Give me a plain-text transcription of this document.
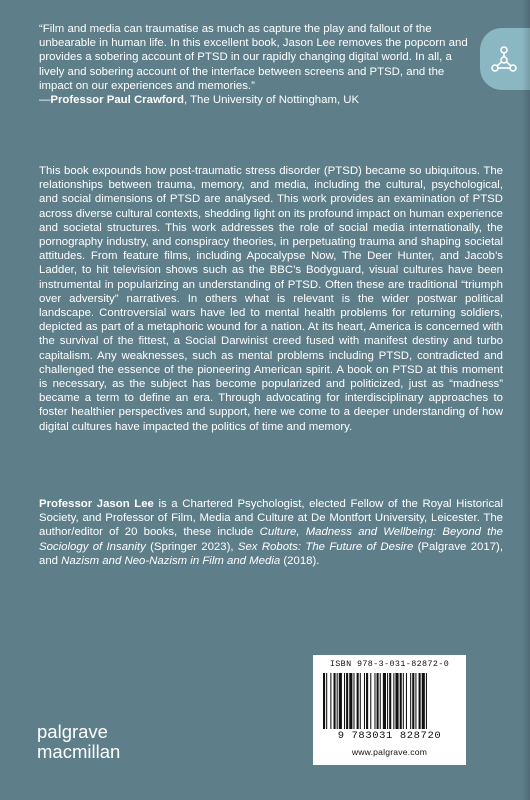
“Film and media can traumatise as much as capture the play and fallout of the unbearable in human life. In this excellent book, Jason Lee removes the popcorn and provides a sobering account of PTSD in our rapidly changing digital world. In all, a lively and sobering account of the interface between screens and PTSD, and the impact on our experiences and memories.”
—Professor Paul Crawford, The University of Nottingham, UK

This book expounds how post-traumatic stress disorder (PTSD) became so ubiquitous. The relationships between trauma, memory, and media, including the cultural, psychological, and social dimensions of PTSD are analysed. This work provides an examination of PTSD across diverse cultural contexts, shedding light on its profound impact on human experience and societal structures. This work addresses the role of social media internationally, the pornography industry, and conspiracy theories, in perpetuating trauma and shaping societal attitudes. From feature films, including Apocalypse Now, The Deer Hunter, and Jacob’s Ladder, to hit television shows such as the BBC’s Bodyguard, visual cultures have been instrumental in popularizing an understanding of PTSD. Often these are traditional “triumph over adversity” narratives. In others what is relevant is the wider postwar political landscape. Controversial wars have led to mental health problems for returning soldiers, depicted as part of a metaphoric wound for a nation. At its heart, America is concerned with the survival of the fittest, a Social Darwinist creed fused with manifest destiny and turbo capitalism. Any weaknesses, such as mental problems including PTSD, contradicted and challenged the essence of the pioneering American spirit. A book on PTSD at this moment is necessary, as the subject has become popularized and politicized, just as “madness” became a term to define an era. Through advocating for interdisciplinary approaches to foster healthier perspectives and support, here we come to a deeper understanding of how digital cultures have impacted the politics of time and memory.

Professor Jason Lee is a Chartered Psychologist, elected Fellow of the Royal Historical Society, and Professor of Film, Media and Culture at De Montfort University, Leicester. The author/editor of 20 books, these include Culture, Madness and Wellbeing: Beyond the Sociology of Insanity (Springer 2023), Sex Robots: The Future of Desire (Palgrave 2017), and Nazism and Neo-Nazism in Film and Media (2018).

ISBN 978-3-031-82872-0
9 783031 828720
www.palgrave.com
palgrave
macmillan
